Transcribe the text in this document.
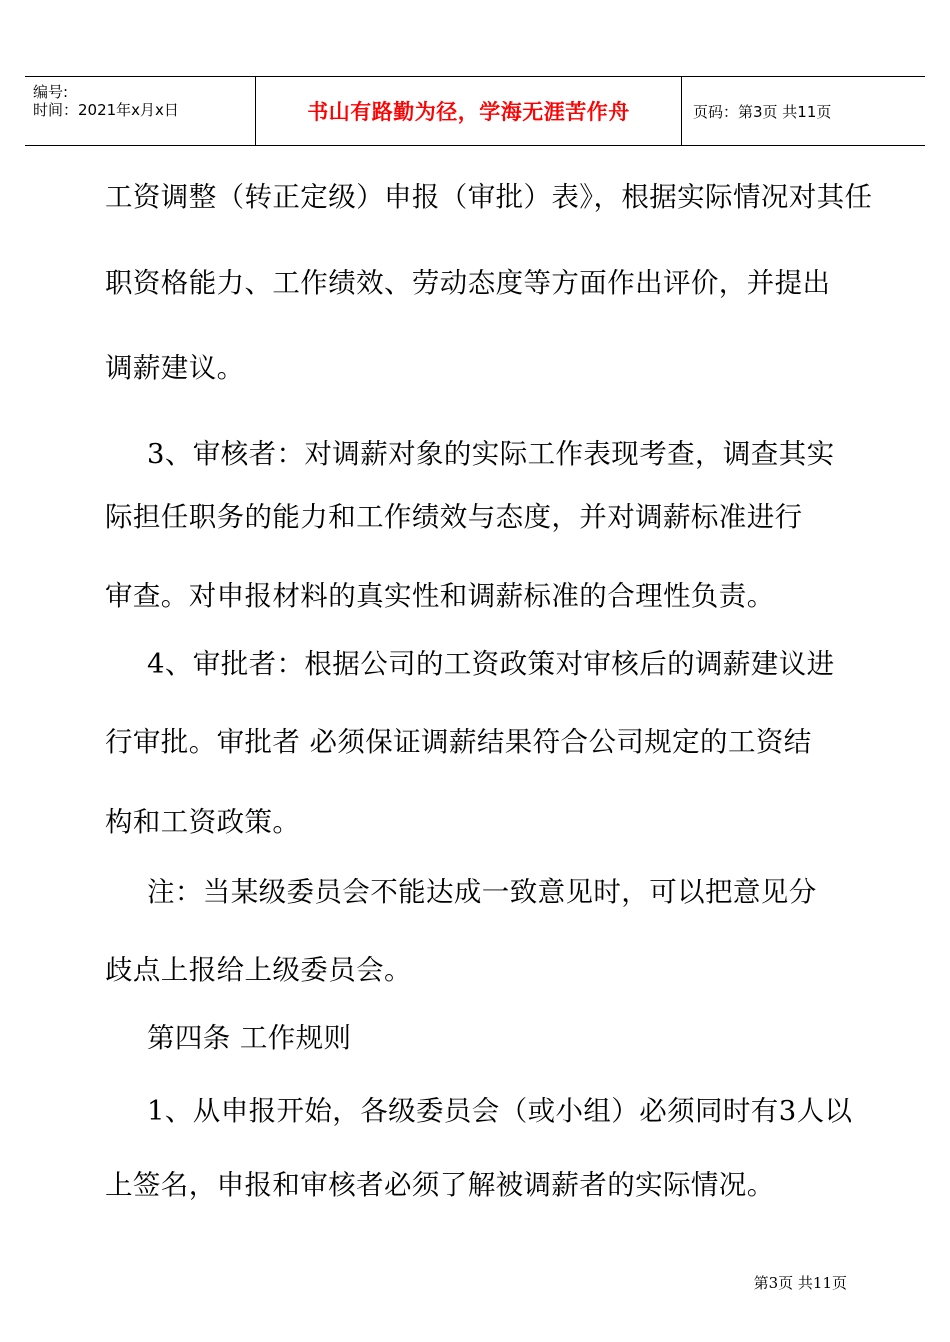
编号:
时间：2021年x月x日	书山有路勤为径，学海无涯苦作舟	页码：第3页 共11页
工资调整（转正定级）申报（审批）表》，根据实际情况对其任
职资格能力、工作绩效、劳动态度等方面作出评价，并提出
调薪建议。
3、审核者：对调薪对象的实际工作表现考查，调查其实
际担任职务的能力和工作绩效与态度，并对调薪标准进行
审查。对申报材料的真实性和调薪标准的合理性负责。
4、审批者：根据公司的工资政策对审核后的调薪建议进
行审批。审批者 必须保证调薪结果符合公司规定的工资结
构和工资政策。
注：当某级委员会不能达成一致意见时，可以把意见分
歧点上报给上级委员会。
第四条 工作规则
1、从申报开始，各级委员会（或小组）必须同时有3人以
上签名，申报和审核者必须了解被调薪者的实际情况。
第3页 共11页
